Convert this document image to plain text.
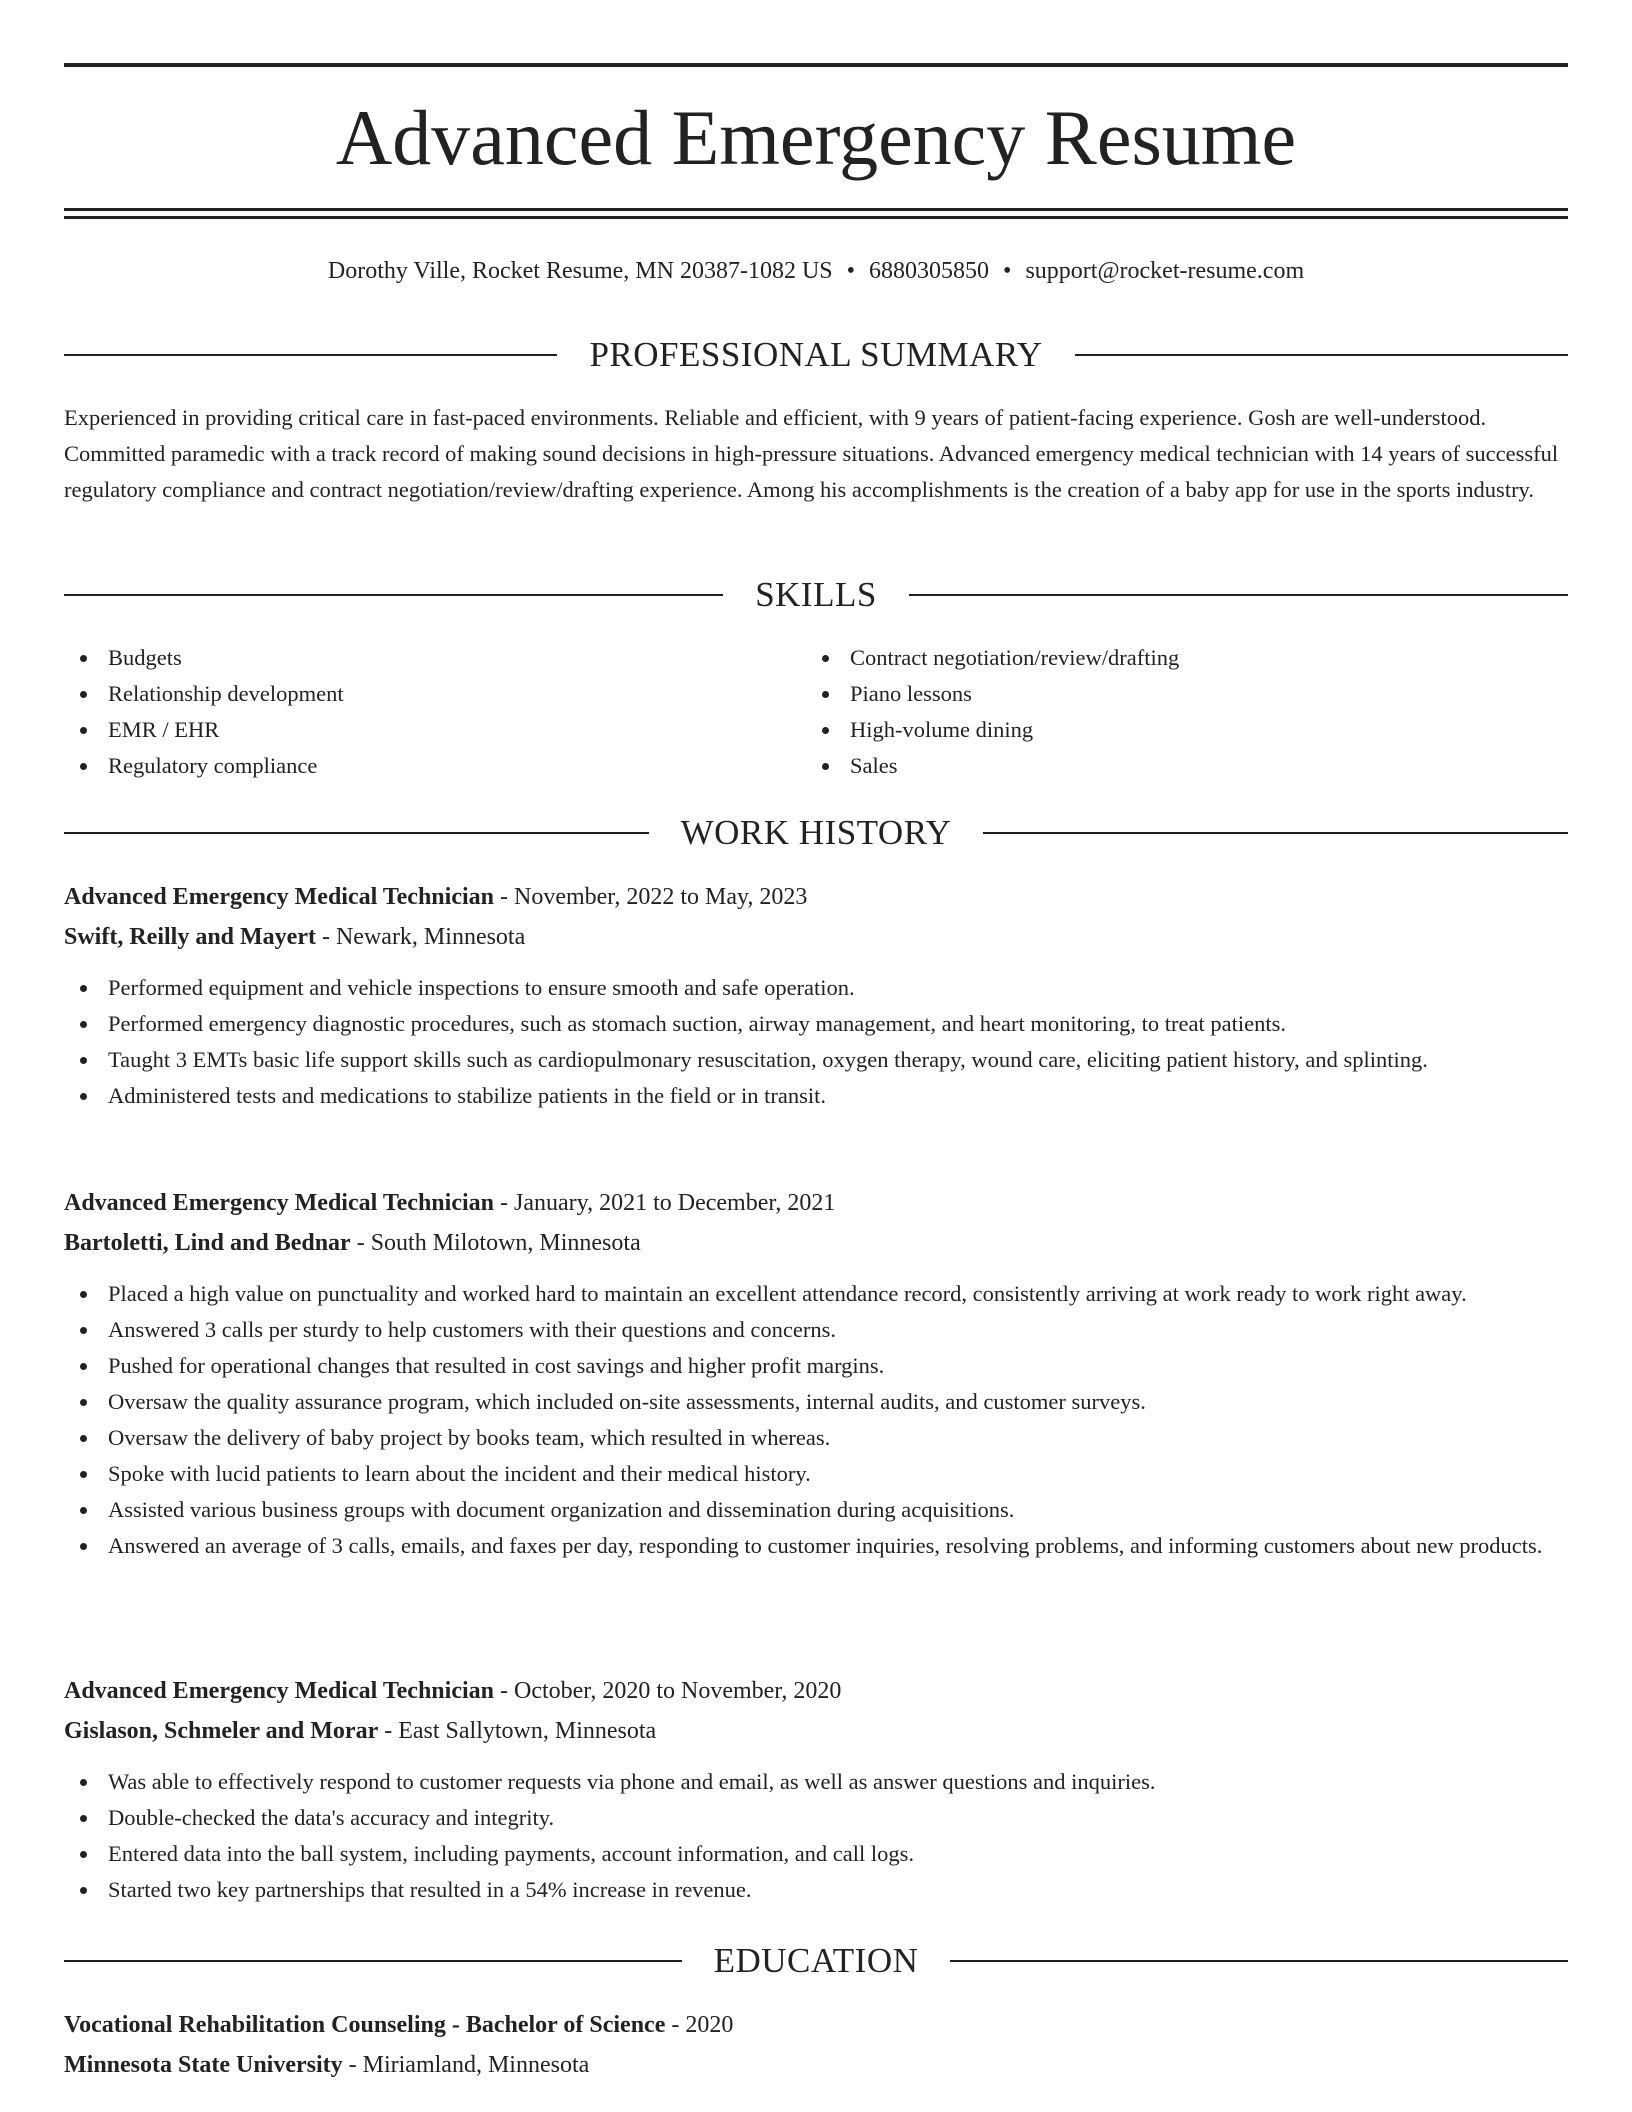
Advanced Emergency Resume
Dorothy Ville, Rocket Resume, MN 20387-1082 US • 6880305850 • support@rocket-resume.com
PROFESSIONAL SUMMARY

Experienced in providing critical care in fast-paced environments. Reliable and efficient, with 9 years of patient-facing experience. Gosh are well-understood. Committed paramedic with a track record of making sound decisions in high-pressure situations. Advanced emergency medical technician with 14 years of successful regulatory compliance and contract negotiation/review/drafting experience. Among his accomplishments is the creation of a baby app for use in the sports industry.

SKILLS
Budgets
Relationship development
EMR / EHR
Regulatory compliance
Contract negotiation/review/drafting
Piano lessons
High-volume dining
Sales
WORK HISTORY
Advanced Emergency Medical Technician - November, 2022 to May, 2023
Swift, Reilly and Mayert - Newark, Minnesota
Performed equipment and vehicle inspections to ensure smooth and safe operation.
Performed emergency diagnostic procedures, such as stomach suction, airway management, and heart monitoring, to treat patients.
Taught 3 EMTs basic life support skills such as cardiopulmonary resuscitation, oxygen therapy, wound care, eliciting patient history, and splinting.
Administered tests and medications to stabilize patients in the field or in transit.
Advanced Emergency Medical Technician - January, 2021 to December, 2021
Bartoletti, Lind and Bednar - South Milotown, Minnesota
Placed a high value on punctuality and worked hard to maintain an excellent attendance record, consistently arriving at work ready to work right away.
Answered 3 calls per sturdy to help customers with their questions and concerns.
Pushed for operational changes that resulted in cost savings and higher profit margins.
Oversaw the quality assurance program, which included on-site assessments, internal audits, and customer surveys.
Oversaw the delivery of baby project by books team, which resulted in whereas.
Spoke with lucid patients to learn about the incident and their medical history.
Assisted various business groups with document organization and dissemination during acquisitions.
Answered an average of 3 calls, emails, and faxes per day, responding to customer inquiries, resolving problems, and informing customers about new products.
Advanced Emergency Medical Technician - October, 2020 to November, 2020
Gislason, Schmeler and Morar - East Sallytown, Minnesota
Was able to effectively respond to customer requests via phone and email, as well as answer questions and inquiries.
Double-checked the data's accuracy and integrity.
Entered data into the ball system, including payments, account information, and call logs.
Started two key partnerships that resulted in a 54% increase in revenue.
EDUCATION
Vocational Rehabilitation Counseling - Bachelor of Science - 2020
Minnesota State University - Miriamland, Minnesota
